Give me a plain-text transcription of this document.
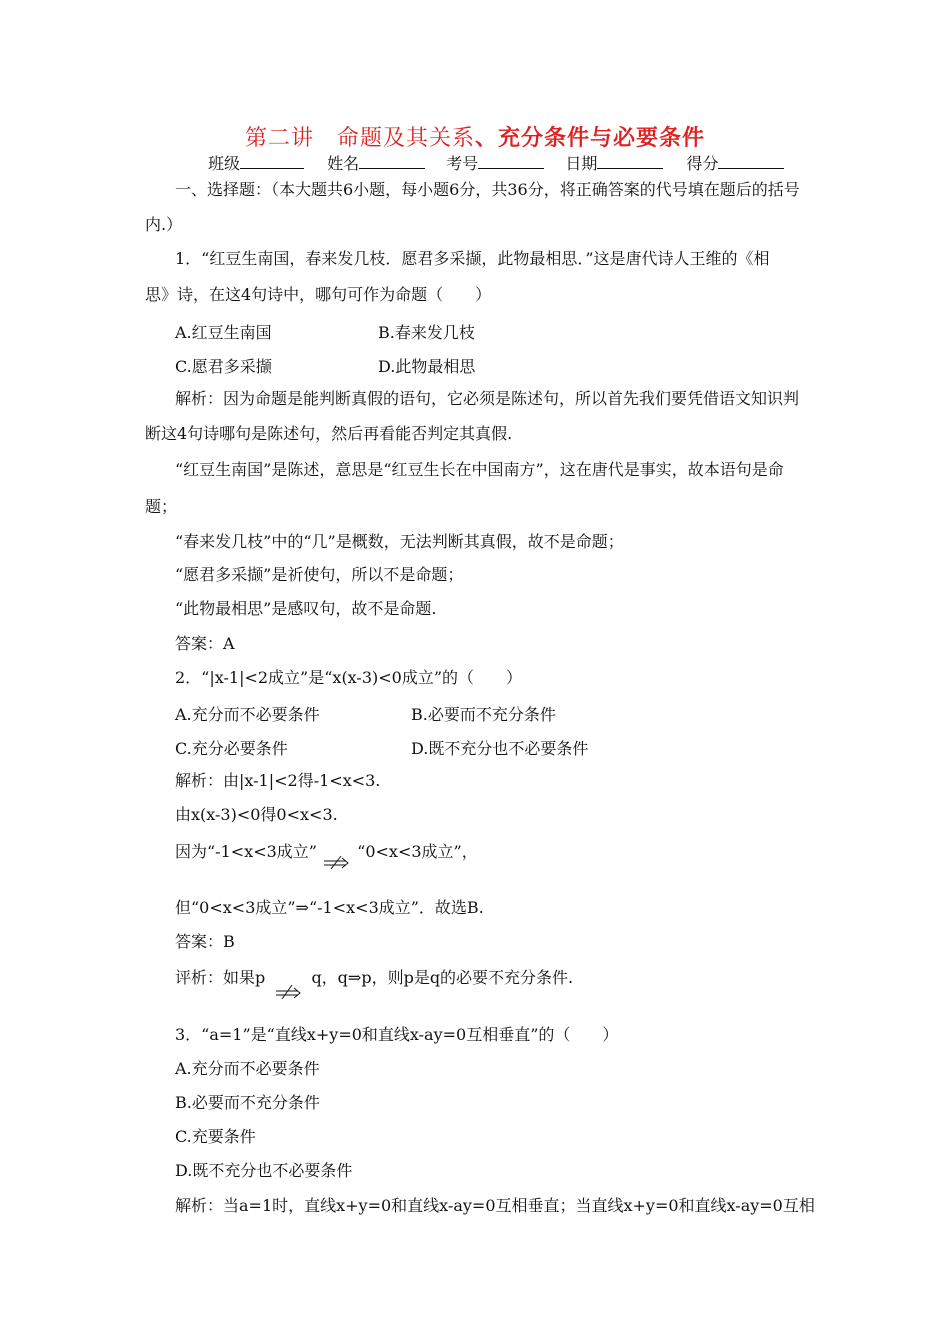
第二讲　命题及其关系、充分条件与必要条件
班级	姓名	考号	日期	得分
一、选择题：（本大题共6小题，每小题6分，共36分，将正确答案的代号填在题后的括号
内.）
1．“红豆生南国，春来发几枝．愿君多采撷，此物最相思．”这是唐代诗人王维的《相
思》诗，在这4句诗中，哪句可作为命题（　　）
A.红豆生南国	B.春来发几枝
C.愿君多采撷	D.此物最相思
解析：因为命题是能判断真假的语句，它必须是陈述句，所以首先我们要凭借语文知识判
断这4句诗哪句是陈述句，然后再看能否判定其真假.
“红豆生南国”是陈述，意思是“红豆生长在中国南方”，这在唐代是事实，故本语句是命
题；
“春来发几枝”中的“几”是概数，无法判断其真假，故不是命题；
“愿君多采撷”是祈使句，所以不是命题；
“此物最相思”是感叹句，故不是命题.
答案：A
2．“|x-1|<2成立”是“x(x-3)<0成立”的（　　）
A.充分而不必要条件	B.必要而不充分条件
C.充分必要条件	D.既不充分也不必要条件
解析：由|x-1|<2得-1<x<3.
由x(x-3)<0得0<x<3.
因为“-1<x<3成立”	“0<x<3成立”，
但“0<x<3成立”⇒“-1<x<3成立”．故选B.
答案：B
评析：如果p	q，q⇒p，则p是q的必要不充分条件.
3．“a=1”是“直线x+y=0和直线x-ay=0互相垂直”的（　　）
A.充分而不必要条件
B.必要而不充分条件
C.充要条件
D.既不充分也不必要条件
解析：当a=1时，直线x+y=0和直线x-ay=0互相垂直；当直线x+y=0和直线x-ay=0互相
